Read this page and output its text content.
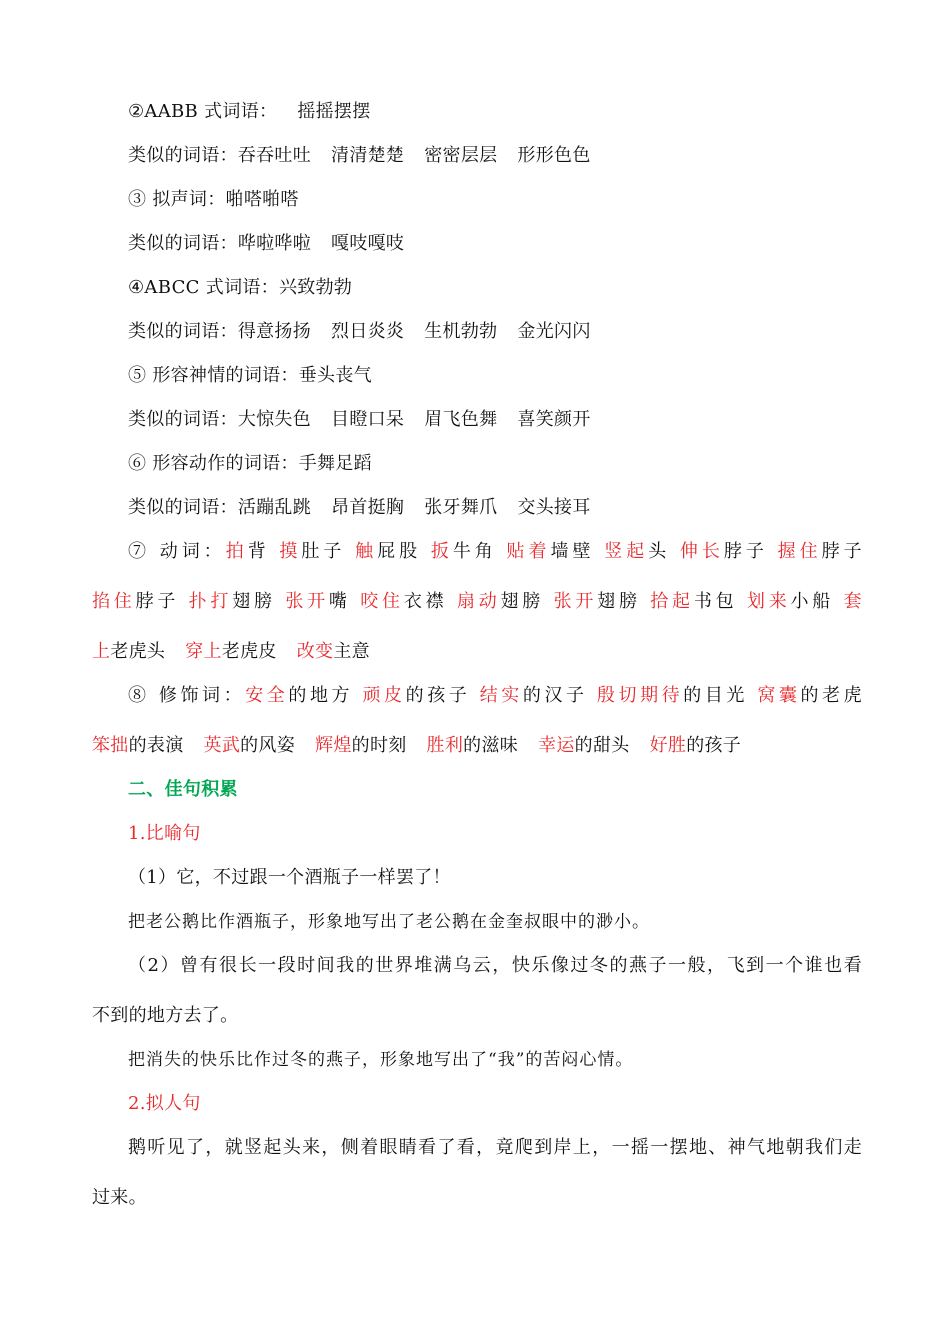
②AABB 式词语： 摇摇摆摆
类似的词语：吞吞吐吐 清清楚楚 密密层层 形形色色
③ 拟声词：啪嗒啪嗒
类似的词语：哗啦哗啦 嘎吱嘎吱
④ABCC 式词语：兴致勃勃
类似的词语：得意扬扬 烈日炎炎 生机勃勃 金光闪闪
⑤ 形容神情的词语：垂头丧气
类似的词语：大惊失色 目瞪口呆 眉飞色舞 喜笑颜开
⑥ 形容动作的词语：手舞足蹈
类似的词语：活蹦乱跳 昂首挺胸 张牙舞爪 交头接耳
⑦ 动词：拍背 摸肚子 触屁股 扳牛角 贴着墙壁 竖起头 伸长脖子 握住脖子
掐住脖子 扑打翅膀 张开嘴 咬住衣襟 扇动翅膀 张开翅膀 拾起书包 划来小船 套
上老虎头 穿上老虎皮 改变主意
⑧ 修饰词：安全的地方 顽皮的孩子 结实的汉子 殷切期待的目光 窝囊的老虎
笨拙的表演 英武的风姿 辉煌的时刻 胜利的滋味 幸运的甜头 好胜的孩子
二、佳句积累
1.比喻句
（1）它，不过跟一个酒瓶子一样罢了！
把老公鹅比作酒瓶子，形象地写出了老公鹅在金奎叔眼中的渺小。
（2）曾有很长一段时间我的世界堆满乌云，快乐像过冬的燕子一般，飞到一个谁也看
不到的地方去了。
把消失的快乐比作过冬的燕子，形象地写出了“我”的苦闷心情。
2.拟人句
鹅听见了，就竖起头来，侧着眼睛看了看，竟爬到岸上，一摇一摆地、神气地朝我们走
过来。
